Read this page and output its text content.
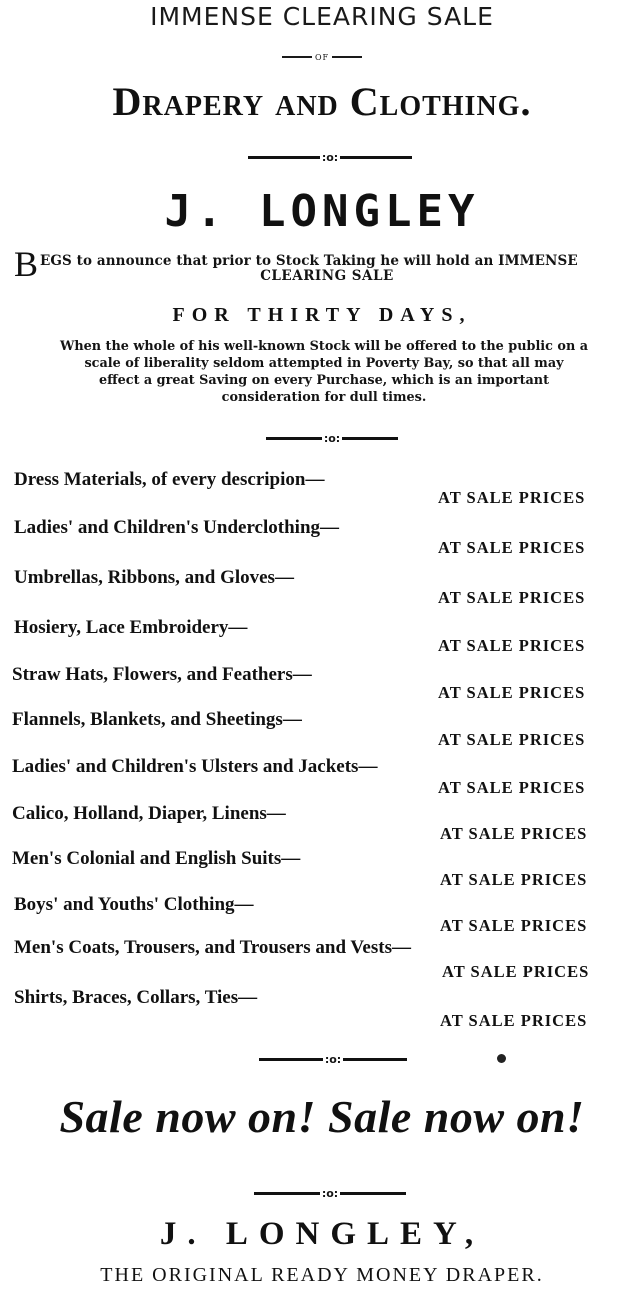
IMMENSE CLEARING SALE
OF
Drapery and Clothing.
:o:
J. LONGLEY
B EGS to announce that prior to Stock Taking he will hold an IMMENSE
CLEARING SALE
FOR THIRTY DAYS,
When the whole of his well-known Stock will be offered to the public on a
scale of liberality seldom attempted in Poverty Bay, so that all may
effect a great Saving on every Purchase, which is an important
consideration for dull times.
:o:
Dress Materials, of every descripion—
AT SALE PRICES
Ladies' and Children's Underclothing—
AT SALE PRICES
Umbrellas, Ribbons, and Gloves—
AT SALE PRICES
Hosiery, Lace Embroidery—
AT SALE PRICES
Straw Hats, Flowers, and Feathers—
AT SALE PRICES
Flannels, Blankets, and Sheetings—
AT SALE PRICES
Ladies' and Children's Ulsters and Jackets—
AT SALE PRICES
Calico, Holland, Diaper, Linens—
AT SALE PRICES
Men's Colonial and English Suits—
AT SALE PRICES
Boys' and Youths' Clothing—
AT SALE PRICES
Men's Coats, Trousers, and Trousers and Vests—
AT SALE PRICES
Shirts, Braces, Collars, Ties—
AT SALE PRICES
:o:
Sale now on! Sale now on!
:o:
J. LONGLEY,
THE ORIGINAL READY MONEY DRAPER.
